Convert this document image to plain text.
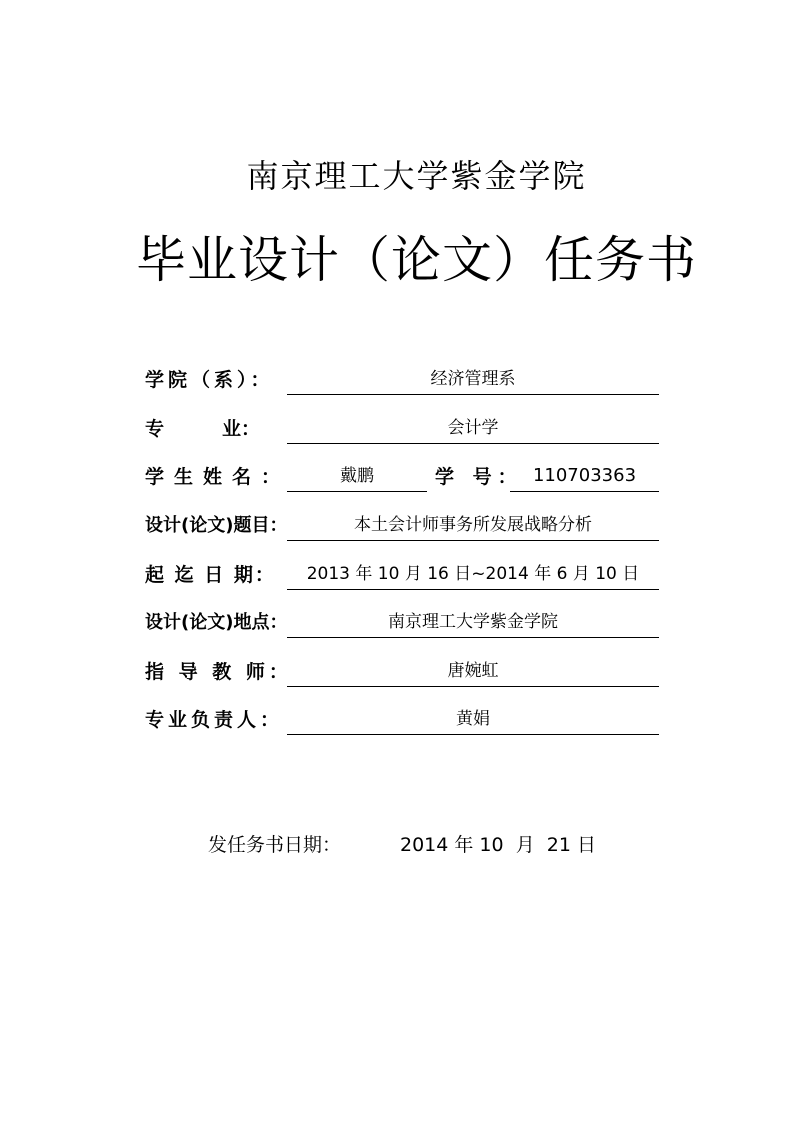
南京理工大学紫金学院
毕业设计（论文）任务书
学院（系）：	经济管理系
专	业：	会计学
学生姓名：	戴鹏	学 号： 110703363
设计(论文)题目：	本土会计师事务所发展战略分析
起 迄 日 期：	2013 年 10 月 16 日~2014 年 6 月 10 日
设计(论文)地点：	南京理工大学紫金学院
指 导 教 师：	唐婉虹
专业负责人：	黄娟
发任务书日期：	2014 年 10  月  21 日
